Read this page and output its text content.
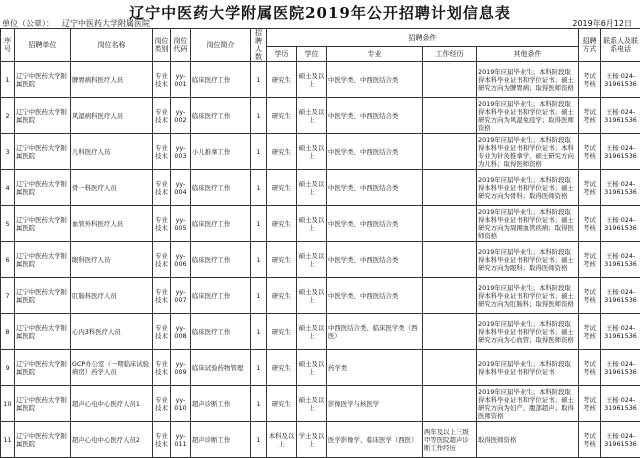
辽宁中医药大学附属医院2019年公开招聘计划信息表
单位（公章）： 辽宁中医药大学附属医院	2019年6月12日
序号	招聘单位	岗位名称	岗位类别	岗位代码	岗位简介	招聘人数	招聘条件					招聘方式	联系人及联系电话
							学历	学位	专业	工作经历	其他条件		
1	辽宁中医药大学附属医院	脾胃病科医疗人员	专业技术	yy-001	临床医疗工作	1	研究生	硕士及以上	中医学类、中西医结合类		2019年应届毕业生；本科阶段取得本科毕业证书和学位证书；硕士研究方向为脾胃病；取得医师资格	考试考核	王杨 024-31961536
2	辽宁中医药大学附属医院	风湿病科医疗人员	专业技术	yy-002	临床医疗工作	1	研究生	硕士及以上	中医学类、中西医结合类		2019年应届毕业生；本科阶段取得本科毕业证书和学位证书；硕士研究方向为风湿免疫学；取得医师资格	考试考核	王杨 024-31961536
3	辽宁中医药大学附属医院	儿科医疗人员	专业技术	yy-003	小儿推拿工作	1	研究生	硕士及以上	中医学类、中西医结合类		2019年应届毕业生；本科阶段取得本科毕业证书和学位证书；本科专业为针灸推拿学，硕士研究方向为儿科；取得医师资格	考试考核	王杨 024-31961536
4	辽宁中医药大学附属医院	骨一科医疗人员	专业技术	yy-004	临床医疗工作	1	研究生	硕士及以上	中医学类、中西医结合类		2019年应届毕业生；本科阶段取得本科毕业证书和学位证书；硕士研究方向为骨科；取得医师资格	考试考核	王杨 024-31961536
5	辽宁中医药大学附属医院	血管外科医疗人员	专业技术	yy-005	临床医疗工作	1	研究生	硕士及以上	中医学类、中西医结合类		2019年应届毕业生；本科阶段取得本科毕业证书和学位证书；硕士研究方向为周围血管疾病；取得医师资格	考试考核	王杨 024-31961536
6	辽宁中医药大学附属医院	眼科医疗人员	专业技术	yy-006	临床医疗工作	1	研究生	硕士及以上	中医学类、中西医结合类		2019年应届毕业生；本科阶段取得本科毕业证书和学位证书；硕士研究方向为眼科；取得医师资格	考试考核	王杨 024-31961536
7	辽宁中医药大学附属医院	肛肠科医疗人员	专业技术	yy-007	临床医疗工作	1	研究生	硕士及以上	中医学类、中西医结合类		2019年应届毕业生；本科阶段取得本科毕业证书和学位证书；硕士研究方向为肛肠科；取得医师资格	考试考核	王杨 024-31961536
8	辽宁中医药大学附属医院	心内3科医疗人员	专业技术	yy-008	临床医疗工作	1	研究生	硕士及以上	中西医结合类、临床医学类（西医）		2019年应届毕业生；本科阶段取得本科毕业证书和学位证书；硕士研究方向为心血管；取得医师资格	考试考核	王杨 024-31961536
9	辽宁中医药大学附属医院	GCP办公室（一期临床试验病房）药学人员	专业技术	yy-009	临床试验药物管理	1	研究生	硕士及以上	药学类		2019年应届毕业生；本科阶段取得本科毕业证书和学位证书	考试考核	王杨 024-31961536
10	辽宁中医药大学附属医院	超声心电中心医疗人员1	专业技术	yy-010	超声诊断工作	1	研究生	硕士及以上	影像医学与核医学		2019年应届毕业生；本科阶段取得本科毕业证书和学位证书；硕士研究方向为妇产、腹部超声；取得医师资格	考试考核	王杨 024-31961536
11	辽宁中医药大学附属医院	超声心电中心医疗人员2	专业技术	yy-011	超声诊断工作	1	本科及以上	学士及以上	医学影像学、临床医学（西医）	两年及以上三级甲等医院超声诊断工作经历	取得医师资格	考试考核	王杨 024-31961536
